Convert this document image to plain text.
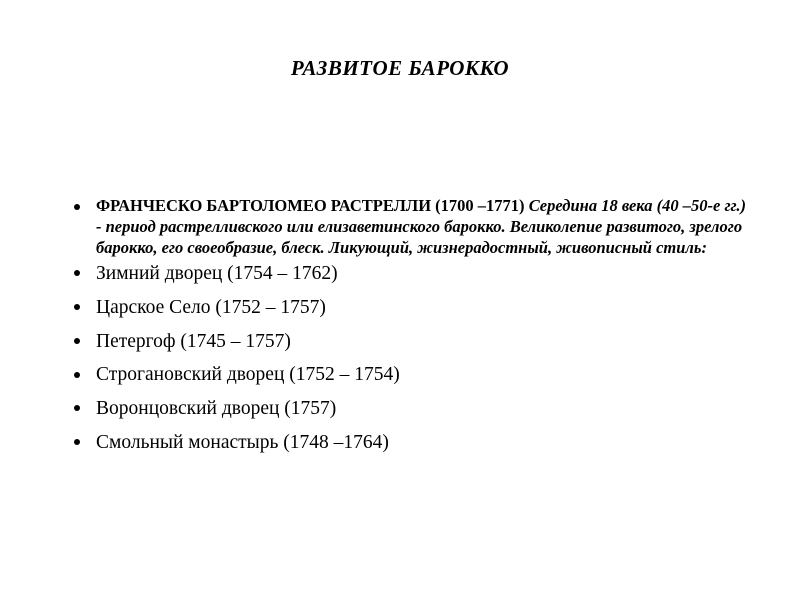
РАЗВИТОЕ БАРОККО
ФРАНЧЕСКО БАРТОЛОМЕО РАСТРЕЛЛИ (1700 –1771) Середина 18 века (40 –50-е гг.) - период растрелливского или елизаветинского барокко. Великолепие развитого, зрелого барокко, его своеобразие, блеск. Ликующий, жизнерадостный, живописный стиль:
Зимний дворец (1754 – 1762)
Царское Село (1752 – 1757)
Петергоф (1745 – 1757)
Строгановский дворец (1752 – 1754)
Воронцовский дворец (1757)
Смольный монастырь (1748 –1764)
